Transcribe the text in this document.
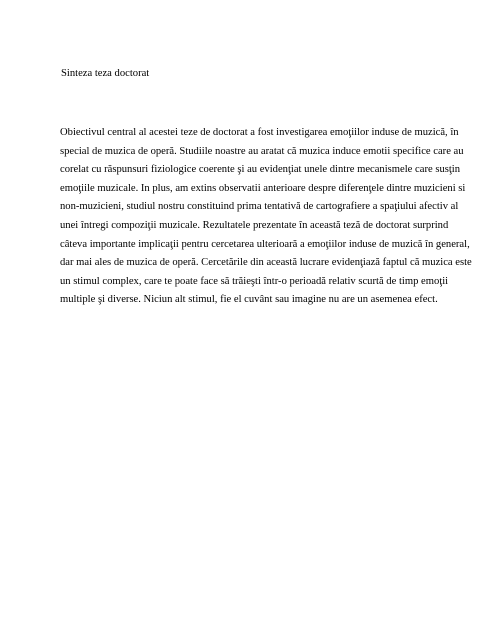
Sinteza teza doctorat
Obiectivul central al acestei teze de doctorat a fost investigarea emoţiilor induse de muzică, în
special de muzica de operă. Studiile noastre au aratat că muzica induce emotii specifice care au
corelat cu răspunsuri fiziologice coerente şi au evidenţiat unele dintre mecanismele care susţin
emoţiile muzicale. In plus, am extins observatii anterioare despre diferenţele dintre muzicieni si
non-muzicieni, studiul nostru constituind prima tentativă de cartografiere a spaţiului afectiv al
unei întregi compoziţii muzicale. Rezultatele prezentate în această teză de doctorat surprind
câteva importante implicaţii pentru cercetarea ulterioară a emoţiilor induse de muzică în general,
dar mai ales de muzica de operă. Cercetările din această lucrare evidenţiază faptul că muzica este
un stimul complex, care te poate face să trăieşti într-o perioadă relativ scurtă de timp emoţii
multiple şi diverse. Niciun alt stimul, fie el cuvânt sau imagine nu are un asemenea efect.
